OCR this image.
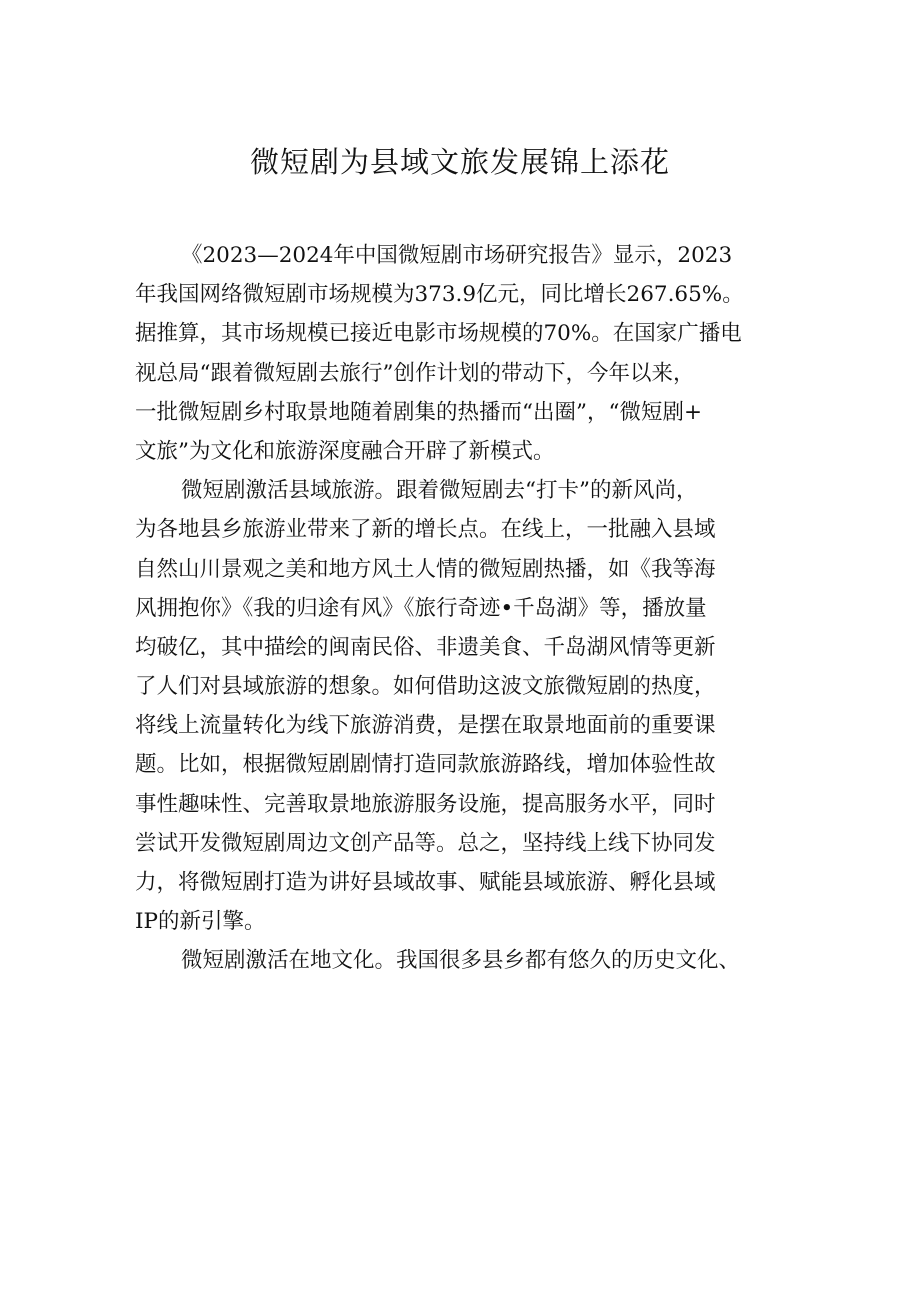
微短剧为县域文旅发展锦上添花
《2023—2024年中国微短剧市场研究报告》显示，2023
年我国网络微短剧市场规模为373.9亿元，同比增长267.65%。
据推算，其市场规模已接近电影市场规模的70%。在国家广播电
视总局“跟着微短剧去旅行”创作计划的带动下，今年以来，
一批微短剧乡村取景地随着剧集的热播而“出圈”，“微短剧+
文旅”为文化和旅游深度融合开辟了新模式。
微短剧激活县域旅游。跟着微短剧去“打卡”的新风尚，
为各地县乡旅游业带来了新的增长点。在线上，一批融入县域
自然山川景观之美和地方风土人情的微短剧热播，如《我等海
风拥抱你》《我的归途有风》《旅行奇迹•千岛湖》等，播放量
均破亿，其中描绘的闽南民俗、非遗美食、千岛湖风情等更新
了人们对县域旅游的想象。如何借助这波文旅微短剧的热度，
将线上流量转化为线下旅游消费，是摆在取景地面前的重要课
题。比如，根据微短剧剧情打造同款旅游路线，增加体验性故
事性趣味性、完善取景地旅游服务设施，提高服务水平，同时
尝试开发微短剧周边文创产品等。总之，坚持线上线下协同发
力，将微短剧打造为讲好县域故事、赋能县域旅游、孵化县域
IP的新引擎。
微短剧激活在地文化。我国很多县乡都有悠久的历史文化、
